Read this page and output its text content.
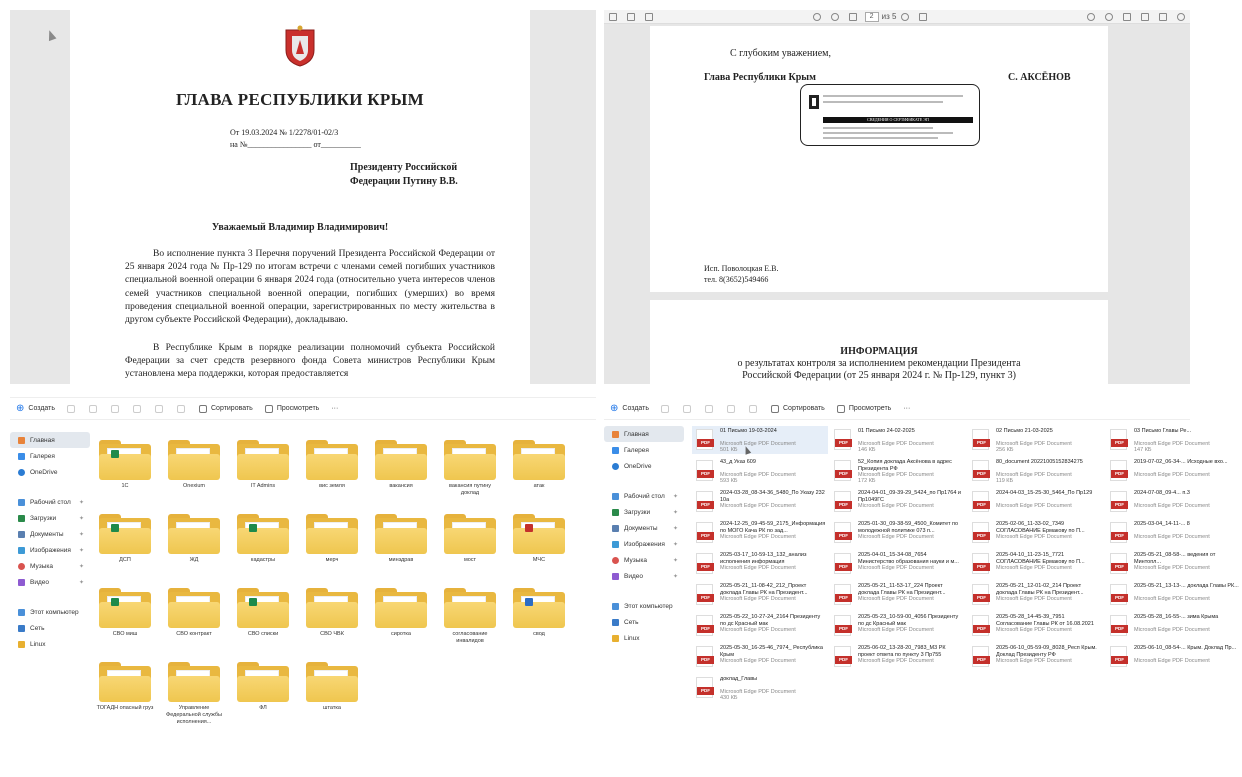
ГЛАВА РЕСПУБЛИКИ КРЫМ
От 19.03.2024 № 1/2278/01-02/3
на №________________ от__________
Президенту Российской
Федерации Путину В.В.
Уважаемый Владимир Владимирович!
Во исполнение пункта 3 Перечня поручений Президента Российской Федерации от 25 января 2024 года № Пр-129 по итогам встречи с членами семей погибших участников специальной военной операции 6 января 2024 года (относительно учета интересов членов семей участников специальной военной операции, погибших (умерших) во время проведения специальной военной операции, зарегистрированных по месту жительства в другом субъекте Российской Федерации), докладываю.
В Республике Крым в порядке реализации полномочий субъекта Российской Федерации за счет средств резервного фонда Совета министров Республики Крым установлена мера поддержки, которая предоставляется
2	из 5
С глубоким уважением,
Глава Республики Крым	С. АКСЁНОВ
СВЕДЕНИЯ О СЕРТИФИКАТЕ ЭП
Исп. Поволоцкая Е.В.
тел. 8(3652)549466
ИНФОРМАЦИЯ
о результатах контроля за исполнением рекомендации Президента
Российской Федерации (от 25 января 2024 г. № Пр-129, пункт 3)
⊕ Создать	Сортировать	Просмотреть ···
Главная
Галерея
OneDrive
Рабочий стол ✦
Загрузки	✦
Документы	✦
Изображения ✦
Музыка	✦
Видео	✦
Этот компьютер
Сеть
Linux
1С	Onexium	IT Admins	вис земля	вакансия	вакансия путину доклад
атак
ДСП	ЖД	кадастры	мерч	минздрав	моcт	МЧС
СВО миш	СВО контракт	СВО списки	СВО ЧВК	сиротка	согласование инвалидов
свод
ТОГАДН опасный груз	Управление Федеральной службы исполнения...
ФЛ	штатка
⊕ Создать	Сортировать	Просмотреть ···
Главная
Галерея
OneDrive
Рабочий стол ✦
Загрузки	✦
Документы	✦
Изображения ✦
Музыка	✦
Видео	✦
Этот компьютер
Сеть
Linux
PDF
01 Письмо 19-03-2024
Microsoft Edge PDF Document
501 КБ
PDF
01 Письмо 24-02-2025
Microsoft Edge PDF Document
146 КБ
PDF
02 Письмо 21-03-2025
Microsoft Edge PDF Document
256 КБ
PDF
03 Письмо Главы Ре...
Microsoft Edge PDF Document
147 КБ
PDF
43_д Указ 609
Microsoft Edge PDF Document
593 КБ
PDF
52_Копия доклада Аксёнова в адрес Президента РФ
Microsoft Edge PDF Document
172 КБ
PDF
80_document 20221005152834275
Microsoft Edge PDF Document
119 КБ
PDF
2019-07-02_06-34-... Исходные вхо...
Microsoft Edge PDF Document
PDF
2024-03-28_08-34-36_5480_По Указу 232 10а
Microsoft Edge PDF Document	PDF
2024-04-01_09-39-29_5424_по Пр1764 и Пр1049ГС
Microsoft Edge PDF Document	PDF
2024-04-03_15-25-30_5464_По Пр129
Microsoft Edge PDF Document	PDF
2024-07-08_09-4... п.3
Microsoft Edge PDF Document
PDF
2024-12-25_09-45-59_2175_Информация по МОГО Кача РК по зад...
Microsoft Edge PDF Document	PDF
2025-01-30_09-38-59_4500_Комитет по молодежной политике 073 п...
Microsoft Edge PDF Document	PDF
2025-02-06_11-33-02_7349 СОГЛАСОВАНИЕ Ермакову по П...
Microsoft Edge PDF Document	PDF
2025-03-04_14-11-... 8
Microsoft Edge PDF Document
PDF
2025-03-17_10-59-13_132_анализ исполнения информация
Microsoft Edge PDF Document	PDF
2025-04-01_15-34-08_7654 Министерство образования науки и м...
Microsoft Edge PDF Document	PDF
2025-04-10_11-23-15_7721 СОГЛАСОВАНИЕ Ермакову по П...
Microsoft Edge PDF Document	PDF
2025-05-21_08-58-... ведения от Минтопл...
Microsoft Edge PDF Document
PDF
2025-05-21_11-08-42_212_Проект доклада Главы РК на Президент...
Microsoft Edge PDF Document	PDF
2025-05-21_11-53-17_224 Проект доклада Главы РК на Президент...
Microsoft Edge PDF Document	PDF
2025-05-21_12-01-02_214 Проект доклада Главы РК на Президент...
Microsoft Edge PDF Document	PDF
2025-05-21_13-13-... доклада Главы РК...
Microsoft Edge PDF Document
PDF
2025-05-22_10-27-24_2164 Президенту по дс Красный мак
Microsoft Edge PDF Document	PDF
2025-05-23_10-59-00_4056 Президенту по дс Красный мак
Microsoft Edge PDF Document	PDF
2025-05-28_14-45-39_7951 Согласование Главы РК от 16.08.2021
Microsoft Edge PDF Document	PDF
2025-05-28_16-55-... зима Крыма
Microsoft Edge PDF Document
PDF
2025-05-30_16-25-46_7974_ Республика Крым
Microsoft Edge PDF Document	PDF
2025-06-02_13-28-20_7983_М3 РК проект ответа по пункту 3 Пр755
Microsoft Edge PDF Document	PDF
2025-06-10_05-59-09_8028_Респ Крым. Доклад Президенту РФ
Microsoft Edge PDF Document	PDF
2025-06-10_08-54-... Крым. Доклад Пр...
Microsoft Edge PDF Document
PDF
доклад_Главы
Microsoft Edge PDF Document
430 КБ
